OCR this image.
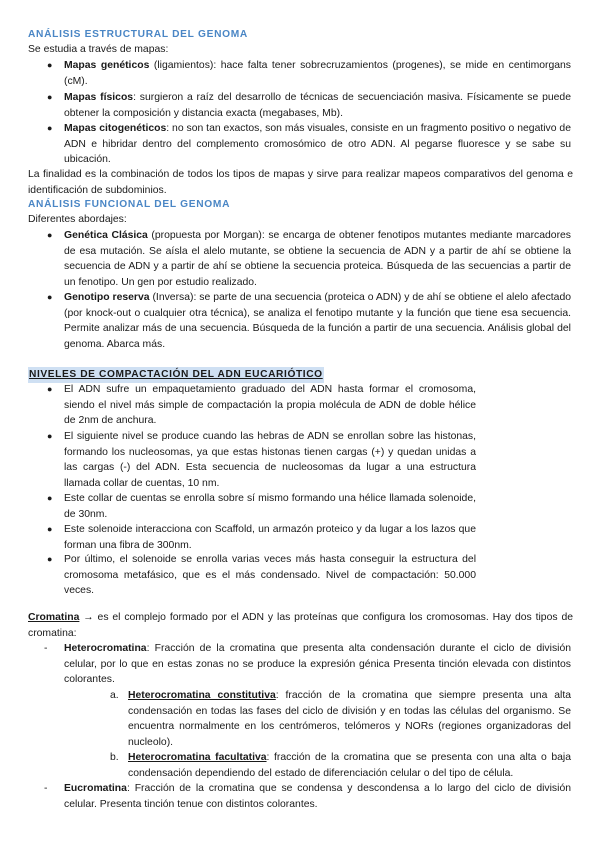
ANÁLISIS ESTRUCTURAL DEL GENOMA
Se estudia a través de mapas:
● Mapas genéticos (ligamientos): hace falta tener sobrecruzamientos (progenes), se mide en centimorgans (cM).
● Mapas físicos: surgieron a raíz del desarrollo de técnicas de secuenciación masiva. Físicamente se puede obtener la composición y distancia exacta (megabases, Mb).
● Mapas citogenéticos: no son tan exactos, son más visuales, consiste en un fragmento positivo o negativo de ADN e hibridar dentro del complemento cromosómico de otro ADN. Al pegarse fluoresce y se sabe su ubicación.
La finalidad es la combinación de todos los tipos de mapas y sirve para realizar mapeos comparativos del genoma e identificación de subdominios.
ANÁLISIS FUNCIONAL DEL GENOMA
Diferentes abordajes:
● Genética Clásica (propuesta por Morgan): se encarga de obtener fenotipos mutantes mediante marcadores de esa mutación. Se aísla el alelo mutante, se obtiene la secuencia de ADN y a partir de ahí se obtiene la secuencia de ADN y a partir de ahí se obtiene la secuencia proteica. Búsqueda de las secuencias a partir de un fenotipo. Un gen por estudio realizado.
● Genotipo reserva (Inversa): se parte de una secuencia (proteica o ADN) y de ahí se obtiene el alelo afectado (por knock-out o cualquier otra técnica), se analiza el fenotipo mutante y la función que tiene esa secuencia. Permite analizar más de una secuencia. Búsqueda de la función a partir de una secuencia. Análisis global del genoma. Abarca más.
NIVELES DE COMPACTACIÓN DEL ADN EUCARIÓTICO
● El ADN sufre un empaquetamiento graduado del ADN hasta formar el cromosoma, siendo el nivel más simple de compactación la propia molécula de ADN de doble hélice de 2nm de anchura.
● El siguiente nivel se produce cuando las hebras de ADN se enrollan sobre las histonas, formando los nucleosomas, ya que estas histonas tienen cargas (+) y quedan unidas a las cargas (-) del ADN. Esta secuencia de nucleosomas da lugar a una estructura llamada collar de cuentas, 10 nm.
● Este collar de cuentas se enrolla sobre sí mismo formando una hélice llamada solenoide, de 30nm.
● Este solenoide interacciona con Scaffold, un armazón proteico y da lugar a los lazos que forman una fibra de 300nm.
● Por último, el solenoide se enrolla varias veces más hasta conseguir la estructura del cromosoma metafásico, que es el más condensado. Nivel de compactación: 50.000 veces.
Cromatina → es el complejo formado por el ADN y las proteínas que configura los cromosomas. Hay dos tipos de cromatina:
- Heterocromatina: Fracción de la cromatina que presenta alta condensación durante el ciclo de división celular, por lo que en estas zonas no se produce la expresión génica Presenta tinción elevada con distintos colorantes.
a. Heterocromatina constitutiva: fracción de la cromatina que siempre presenta una alta condensación en todas las fases del ciclo de división y en todas las células del organismo. Se encuentra normalmente en los centrómeros, telómeros y NORs (regiones organizadoras del nucleolo).
b. Heterocromatina facultativa: fracción de la cromatina que se presenta con una alta o baja condensación dependiendo del estado de diferenciación celular o del tipo de célula.
- Eucromatina: Fracción de la cromatina que se condensa y descondensa a lo largo del ciclo de división celular. Presenta tinción tenue con distintos colorantes.
